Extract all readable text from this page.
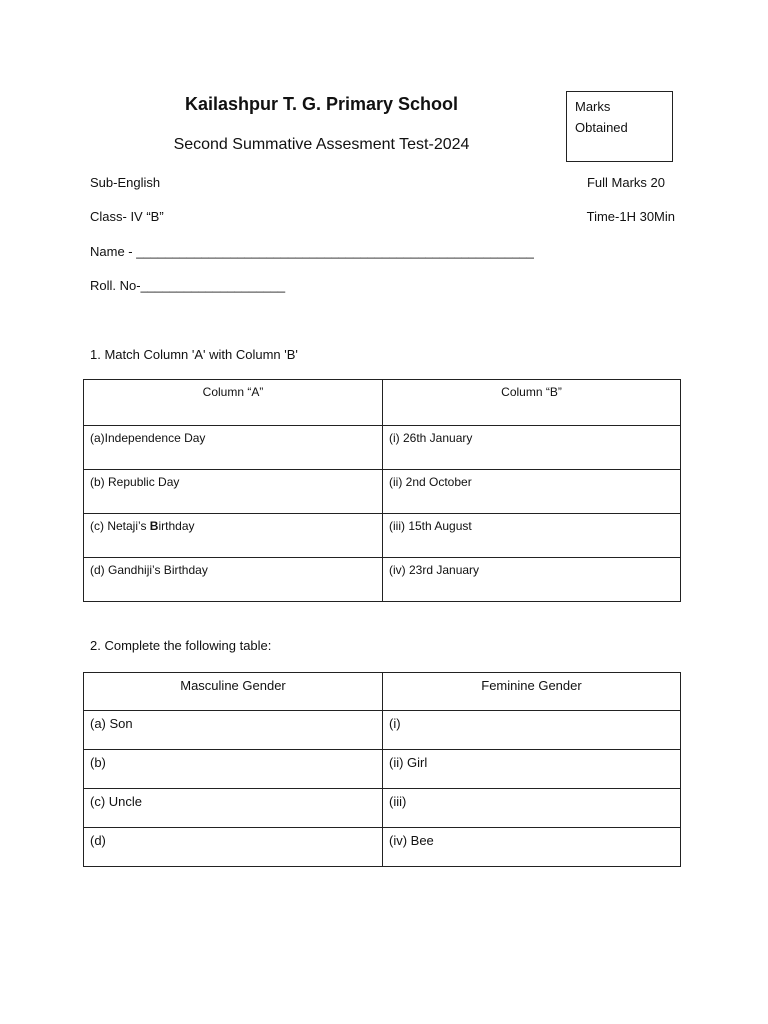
Kailashpur T. G. Primary School
Second Summative Assesment Test-2024
Marks
Obtained
Sub-English	Full Marks 20
Class- IV “B”	Time-1H 30Min
Name - _______________________________________________________
Roll. No-____________________
1. Match Column 'A' with Column 'B'
Column “A”	Column “B”
(a)Independence Day	(i) 26th January
(b) Republic Day	(ii) 2nd October
(c) Netaji’s Birthday	(iii) 15th August
(d) Gandhiji’s Birthday	(iv) 23rd January
2. Complete the following table:
Masculine Gender	Feminine Gender
(a) Son	(i)
(b)	(ii) Girl
(c) Uncle	(iii)
(d)	(iv) Bee
